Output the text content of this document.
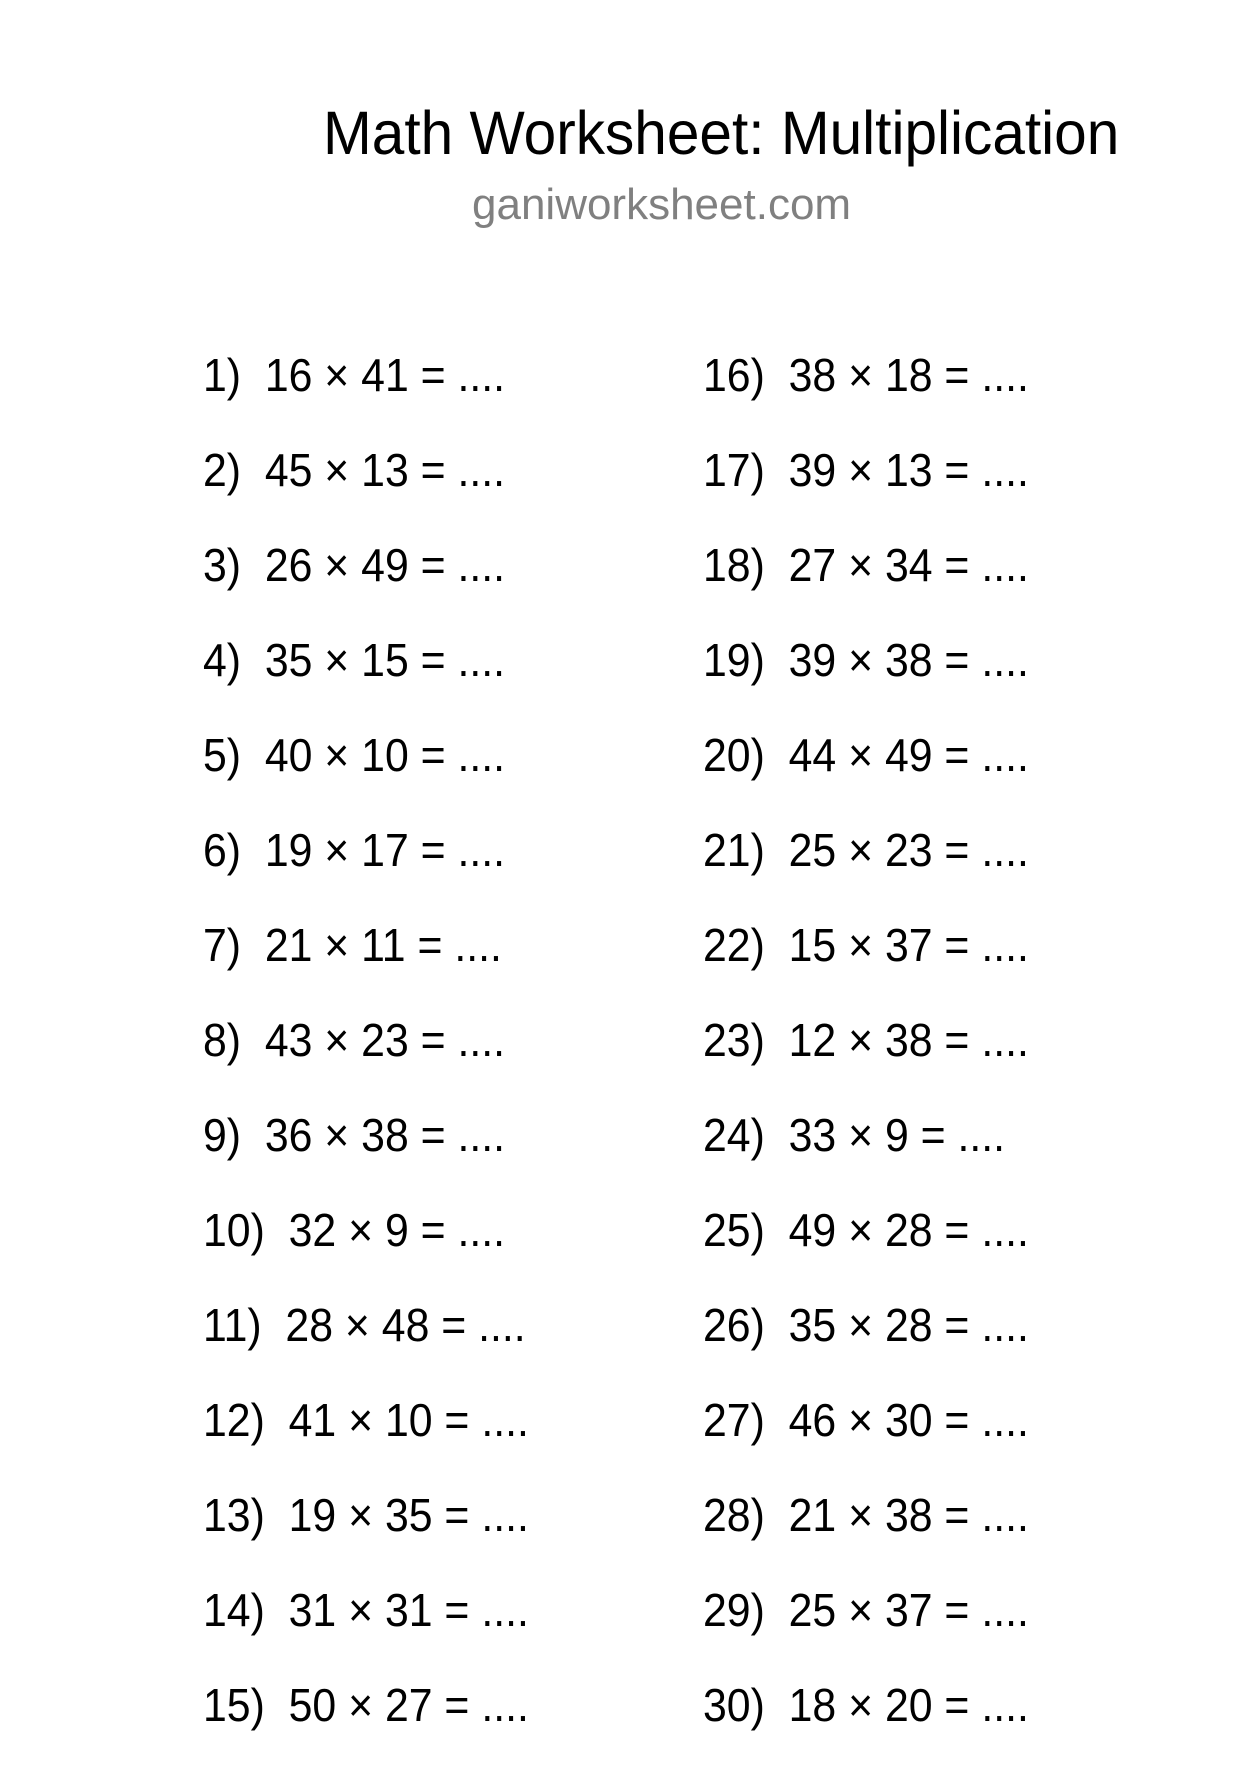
Math Worksheet: Multiplication
ganiworksheet.com
1) 16 × 41 = ....
2) 45 × 13 = ....
3) 26 × 49 = ....
4) 35 × 15 = ....
5) 40 × 10 = ....
6) 19 × 17 = ....
7) 21 × 11 = ....
8) 43 × 23 = ....
9) 36 × 38 = ....
10) 32 × 9 = ....
11) 28 × 48 = ....
12) 41 × 10 = ....
13) 19 × 35 = ....
14) 31 × 31 = ....
15) 50 × 27 = ....
16) 38 × 18 = ....
17) 39 × 13 = ....
18) 27 × 34 = ....
19) 39 × 38 = ....
20) 44 × 49 = ....
21) 25 × 23 = ....
22) 15 × 37 = ....
23) 12 × 38 = ....
24) 33 × 9 = ....
25) 49 × 28 = ....
26) 35 × 28 = ....
27) 46 × 30 = ....
28) 21 × 38 = ....
29) 25 × 37 = ....
30) 18 × 20 = ....
